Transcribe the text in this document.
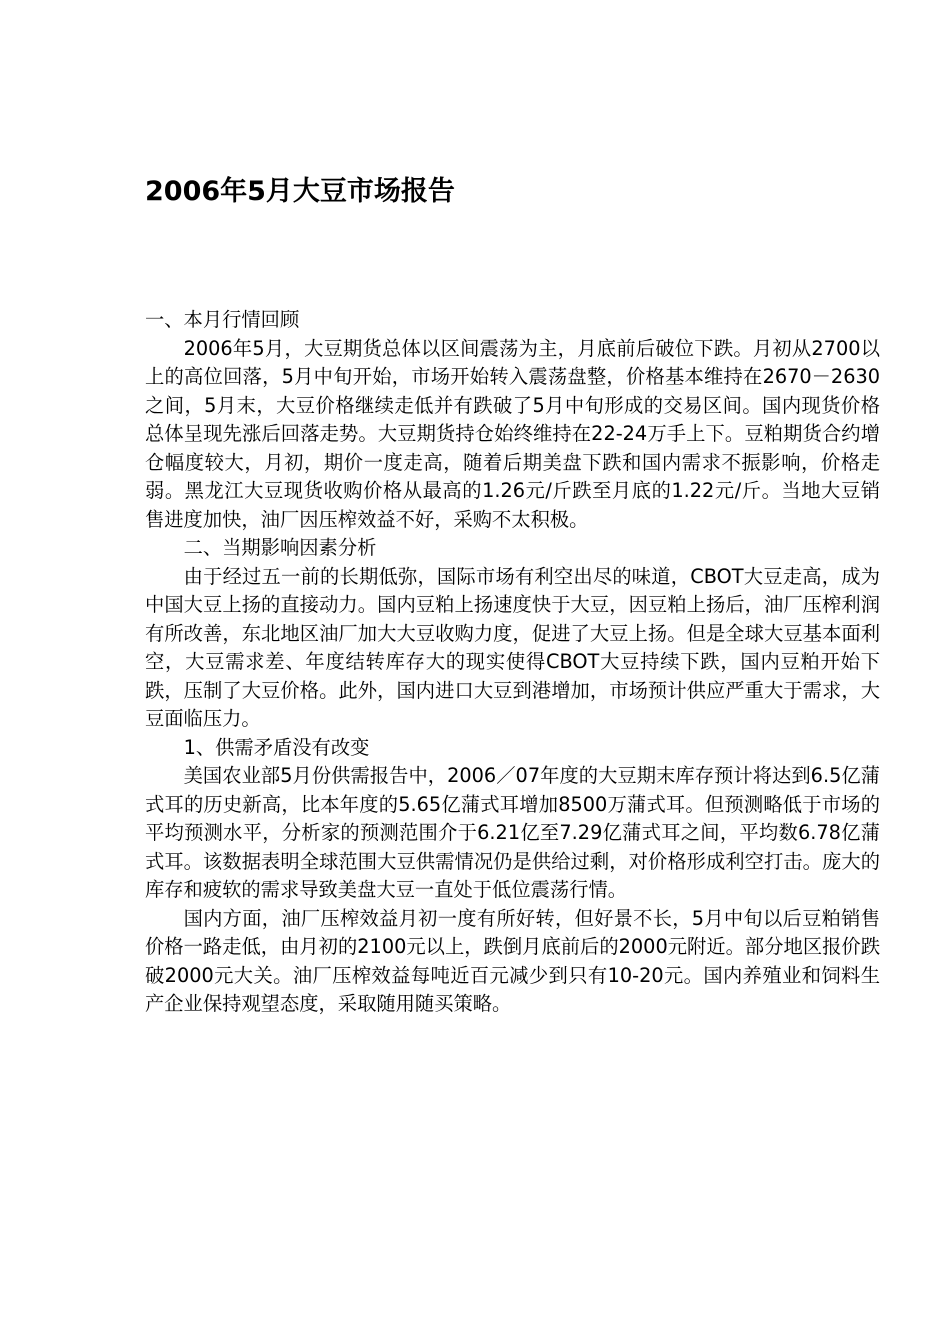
2006年5月大豆市场报告

一、本月行情回顾

2006年5月，大豆期货总体以区间震荡为主，月底前后破位下跌。月初从2700以上的高位回落，5月中旬开始，市场开始转入震荡盘整，价格基本维持在2670－2630之间，5月末，大豆价格继续走低并有跌破了5月中旬形成的交易区间。国内现货价格总体呈现先涨后回落走势。大豆期货持仓始终维持在22-24万手上下。豆粕期货合约增仓幅度较大，月初，期价一度走高，随着后期美盘下跌和国内需求不振影响，价格走弱。黑龙江大豆现货收购价格从最高的1.26元/斤跌至月底的1.22元/斤。当地大豆销售进度加快，油厂因压榨效益不好，采购不太积极。

二、当期影响因素分析

由于经过五一前的长期低弥，国际市场有利空出尽的味道，CBOT大豆走高，成为中国大豆上扬的直接动力。国内豆粕上扬速度快于大豆，因豆粕上扬后，油厂压榨利润有所改善，东北地区油厂加大大豆收购力度，促进了大豆上扬。但是全球大豆基本面利空，大豆需求差、年度结转库存大的现实使得CBOT大豆持续下跌，国内豆粕开始下跌，压制了大豆价格。此外，国内进口大豆到港增加，市场预计供应严重大于需求，大豆面临压力。

1、供需矛盾没有改变

美国农业部5月份供需报告中，2006／07年度的大豆期末库存预计将达到6.5亿蒲式耳的历史新高，比本年度的5.65亿蒲式耳增加8500万蒲式耳。但预测略低于市场的平均预测水平，分析家的预测范围介于6.21亿至7.29亿蒲式耳之间，平均数6.78亿蒲式耳。该数据表明全球范围大豆供需情况仍是供给过剩，对价格形成利空打击。庞大的库存和疲软的需求导致美盘大豆一直处于低位震荡行情。

国内方面，油厂压榨效益月初一度有所好转，但好景不长，5月中旬以后豆粕销售价格一路走低，由月初的2100元以上，跌倒月底前后的2000元附近。部分地区报价跌破2000元大关。油厂压榨效益每吨近百元减少到只有10-20元。国内养殖业和饲料生产企业保持观望态度，采取随用随买策略。
